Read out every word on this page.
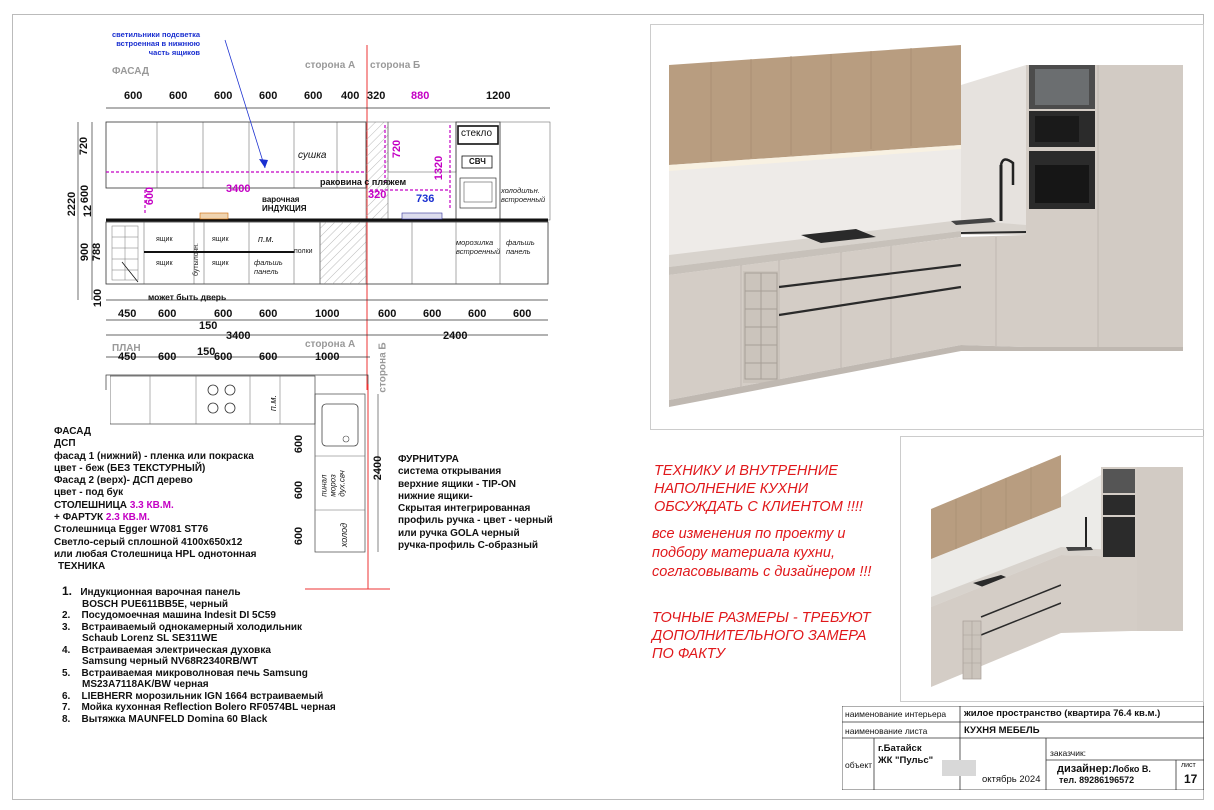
светильники подсветка
встроенная в нижнюю
часть ящиков
ФАСАД
сторона А сторона Б
600 600 600 600 600 400 320 880	1200
2220
720
600
12
900 788
100
600	3400
720
1320
320	736
стекло
СВЧ
сушка
раковина с пляжем
варочная
ИНДУКЦИЯ
холодильн.
встроенный
морозилка
встроенный
фальшь
панель
фальшь
панель
ящик
ящик
ящик
ящик
бутылочн.
п.м.
полки
может быть дверь
450 600	600 600	1000	600 600 600 600
150
3400	2400
ПЛАН	сторона А сторона Б
450 600 150
600 600	1000
п.м.
600
600
600
2400
пинал мороз дух.свч
холод
ФАСАД
ДСП
фасад 1 (нижний) - пленка или покраска
цвет - беж (БЕЗ ТЕКСТУРНЫЙ)
Фасад 2 (верх)- ДСП дерево
цвет - под бук
СТОЛЕШНИЦА 3.3 КВ.М.
+ ФАРТУК 2.3 КВ.М.
Столешница Egger W7081 ST76
Светло-серый сплошной 4100х650х12
или любая Столешница HPL однотонная
ТЕХНИКА
1. Индукционная варочная панель
BOSCH PUE611BB5E, черный
2. Посудомоечная машина Indesit DI 5C59
3. Встраиваемый однокамерный холодильник
Schaub Lorenz SL SE311WE
4. Встраиваемая электрическая духовка
Samsung черный NV68R2340RB/WT
5. Встраиваемая микроволновая печь Samsung
MS23A7118AK/BW черная
6. LIEBHERR морозильник IGN 1664 встраиваемый
7. Мойка кухонная Reflection Bolero RF0574BL черная
8. Вытяжка MAUNFELD Domina 60 Black
ФУРНИТУРА
система открывания
верхние ящики - TIP-ON
нижние ящики-
Скрытая интегрированная
профиль ручка - цвет - черный
или ручка GOLA черный
ручка-профиль С-образный
ТЕХНИКУ И ВНУТРЕННИЕ
НАПОЛНЕНИЕ КУХНИ
ОБСУЖДАТЬ С КЛИЕНТОМ !!!!
все изменения по проекту и
подбору материала кухни,
согласовывать с дизайнером !!!
ТОЧНЫЕ РАЗМЕРЫ - ТРЕБУЮТ
ДОПОЛНИТЕЛЬНОГО ЗАМЕРА
ПО ФАКТУ
наименование интерьера жилое пространство (квартира 76.4 кв.м.)
наименование листа	КУХНЯ МЕБЕЛЬ
объект
г.Батайск
ЖК "Пульс"
октябрь 2024
заказчик:
дизайнер:Лобко В.
тел. 89286196572
лист
17
